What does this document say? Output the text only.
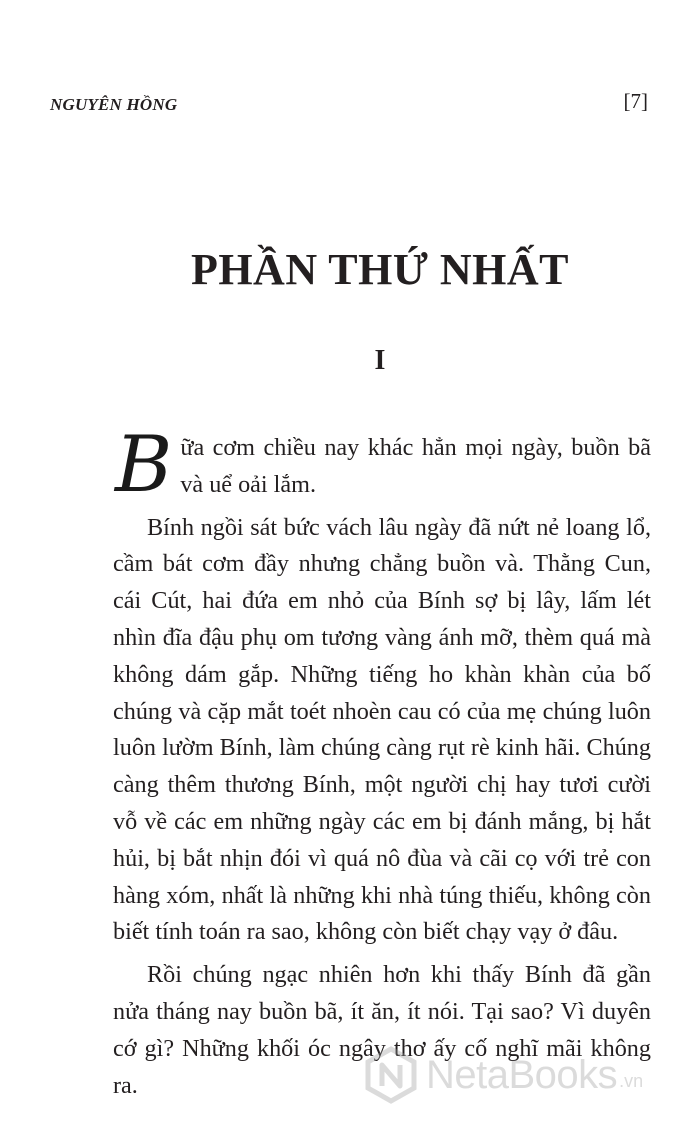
NGUYÊN HỒNG	[7]
PHẦN THỨ NHẤT
I

Bữa cơm chiều nay khác hẳn mọi ngày, buồn bã và uể oải lắm.

Bính ngồi sát bức vách lâu ngày đã nứt nẻ loang lổ, cầm bát cơm đầy nhưng chẳng buồn và. Thằng Cun, cái Cút, hai đứa em nhỏ của Bính sợ bị lây, lấm lét nhìn đĩa đậu phụ om tương vàng ánh mỡ, thèm quá mà không dám gắp. Những tiếng ho khàn khàn của bố chúng và cặp mắt toét nhoèn cau có của mẹ chúng luôn luôn lườm Bính, làm chúng càng rụt rè kinh hãi. Chúng càng thêm thương Bính, một người chị hay tươi cười vỗ về các em những ngày các em bị đánh mắng, bị hắt hủi, bị bắt nhịn đói vì quá nô đùa và cãi cọ với trẻ con hàng xóm, nhất là những khi nhà túng thiếu, không còn biết tính toán ra sao, không còn biết chạy vạy ở đâu.

Rồi chúng ngạc nhiên hơn khi thấy Bính đã gần nửa tháng nay buồn bã, ít ăn, ít nói. Tại sao? Vì duyên cớ gì? Những khối óc ngây thơ ấy cố nghĩ mãi không ra.	NetaBooks .vn
